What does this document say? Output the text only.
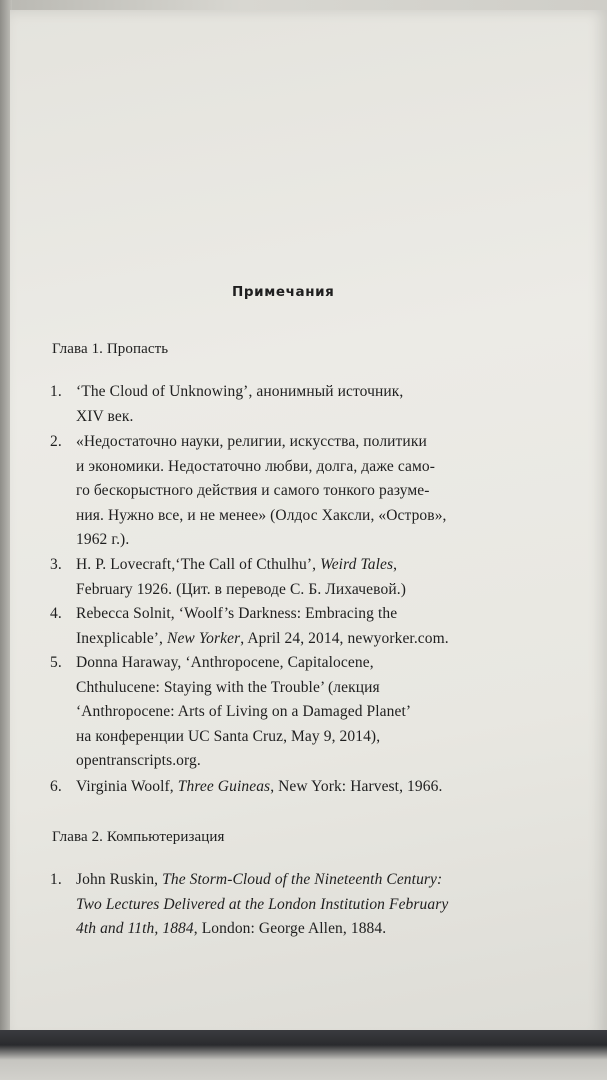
Примечания
Глава 1. Пропасть
1. ‘The Cloud of Unknowing’, анонимный источник,
XIV век.
2. «Недостаточно науки, религии, искусства, политики
и экономики. Недостаточно любви, долга, даже само-
го бескорыстного действия и самого тонкого разуме-
ния. Нужно все, и не менее» (Олдос Хаксли, «Остров»,
1962 г.).
3. H. P. Lovecraft,‘The Call of Cthulhu’, Weird Tales,
February 1926. (Цит. в переводе С. Б. Лихачевой.)
4. Rebecca Solnit, ‘Woolf’s Darkness: Embracing the
Inexplicable’, New Yorker, April 24, 2014, newyorker.com.
5. Donna Haraway, ‘Anthropocene, Capitalocene,
Chthulucene: Staying with the Trouble’ (лекция
‘Anthropocene: Arts of Living on a Damaged Planet’
на конференции UC Santa Cruz, May 9, 2014),
opentranscripts.org.
6. Virginia Woolf, Three Guineas, New York: Harvest, 1966.
Глава 2. Компьютеризация
1. John Ruskin, The Storm-Cloud of the Nineteenth Century:
Two Lectures Delivered at the London Institution February
4th and 11th, 1884, London: George Allen, 1884.
